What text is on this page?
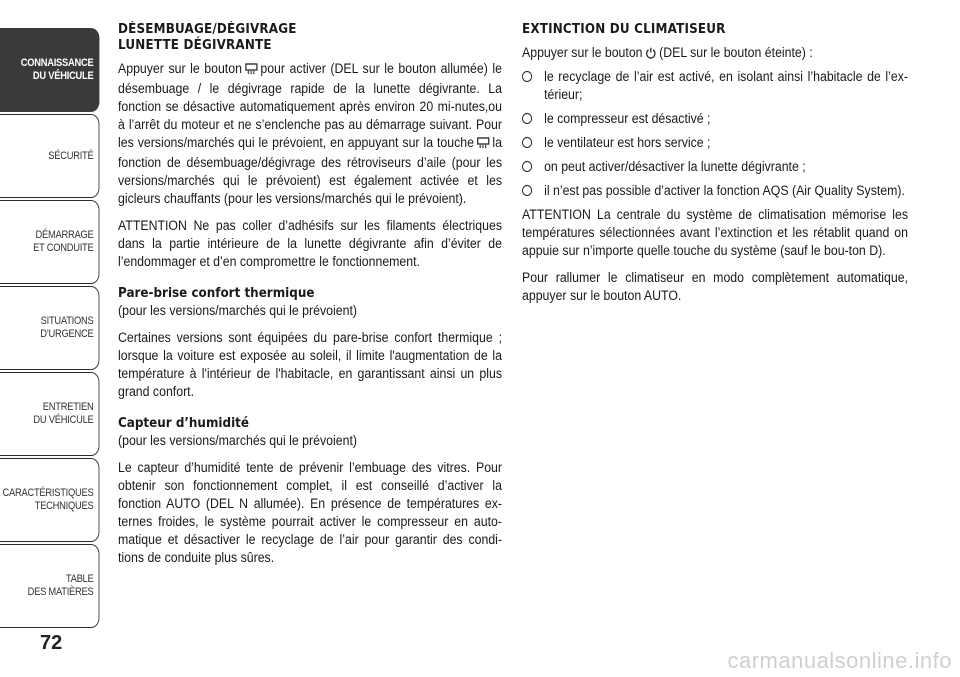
CONNAISSANCE
DU VÉHICULE
SÉCURITÉ
DÉMARRAGE
ET CONDUITE
SITUATIONS
D’URGENCE
ENTRETIEN
DU VÉHICULE
CARACTÉRISTIQUES
TECHNIQUES
TABLE
DES MATIÈRES
72
DÉSEMBUAGE/DÉGIVRAGE
LUNETTE DÉGIVRANTE

Appuyer sur le bouton pour activer (DEL sur le bouton allumée) le désembuage / le dégivrage rapide de la lunette dégivrante. La fonction se désactive automatiquement après environ 20 mi-nutes,ou à l’arrêt du moteur et ne s’enclenche pas au démarrage suivant. Pour les versions/marchés qui le prévoient, en appuyant sur la touche la fonction de désembuage/dégivrage des rétroviseurs d’aile (pour les versions/marchés qui le prévoient) est également activée et les gicleurs chauffants (pour les versions/marchés qui le prévoient).

ATTENTION Ne pas coller d’adhésifs sur les filaments électriques dans la partie intérieure de la lunette dégivrante afin d’éviter de l’endommager et d’en compromettre le fonctionnement.

Pare-brise confort thermique

(pour les versions/marchés qui le prévoient)

Certaines versions sont équipées du pare-brise confort thermique ; lorsque la voiture est exposée au soleil, il limite l'augmentation de la température à l'intérieur de l'habitacle, en garantissant ainsi un plus grand confort.

Capteur d’humidité

(pour les versions/marchés qui le prévoient)

Le capteur d’humidité tente de prévenir l’embuage des vitres. Pour obtenir son fonctionnement complet, il est conseillé d’activer la fonction AUTO (DEL N allumée). En présence de températures ex-ternes froides, le système pourrait activer le compresseur en auto-matique et désactiver le recyclage de l’air pour garantir des condi-tions de conduite plus sûres.

EXTINCTION DU CLIMATISEUR

Appuyer sur le bouton (DEL sur le bouton éteinte) :

le recyclage de l’air est activé, en isolant ainsi l’habitacle de l’ex-térieur;
le compresseur est désactivé ;
le ventilateur est hors service ;
on peut activer/désactiver la lunette dégivrante ;
il n’est pas possible d’activer la fonction AQS (Air Quality System).

ATTENTION La centrale du système de climatisation mémorise les températures sélectionnées avant l’extinction et les rétablit quand on appuie sur n’importe quelle touche du système (sauf le bou-ton D).

Pour rallumer le climatiseur en modo complètement automatique, appuyer sur le bouton AUTO.

carmanualsonline.info
